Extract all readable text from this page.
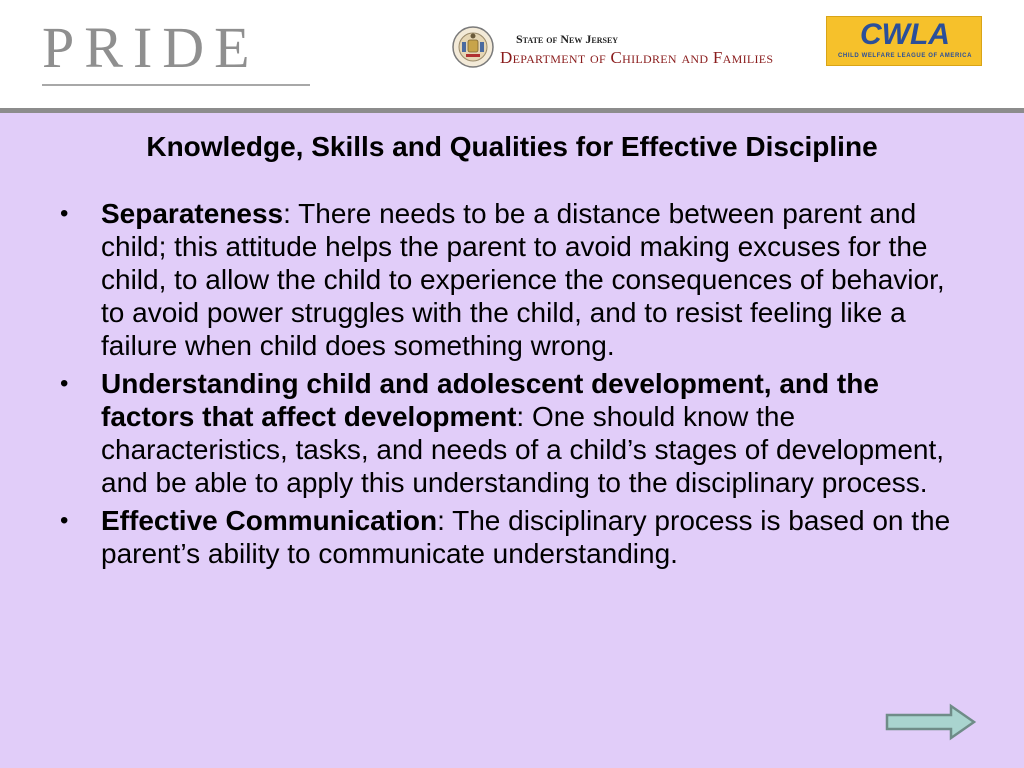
PRIDE	State of New Jersey
Department of Children and Families
CWLA
CHILD WELFARE LEAGUE OF AMERICA
Knowledge, Skills and Qualities for Effective Discipline
• Separateness: There needs to be a distance between parent and child; this attitude helps the parent to avoid making excuses for the child, to allow the child to experience the consequences of behavior, to avoid power struggles with the child, and to resist feeling like a failure when child does something wrong.
• Understanding child and adolescent development, and the factors that affect development: One should know the characteristics, tasks, and needs of a child’s stages of development, and be able to apply this understanding to the disciplinary process.
• Effective Communication: The disciplinary process is based on the parent’s ability to communicate understanding.
